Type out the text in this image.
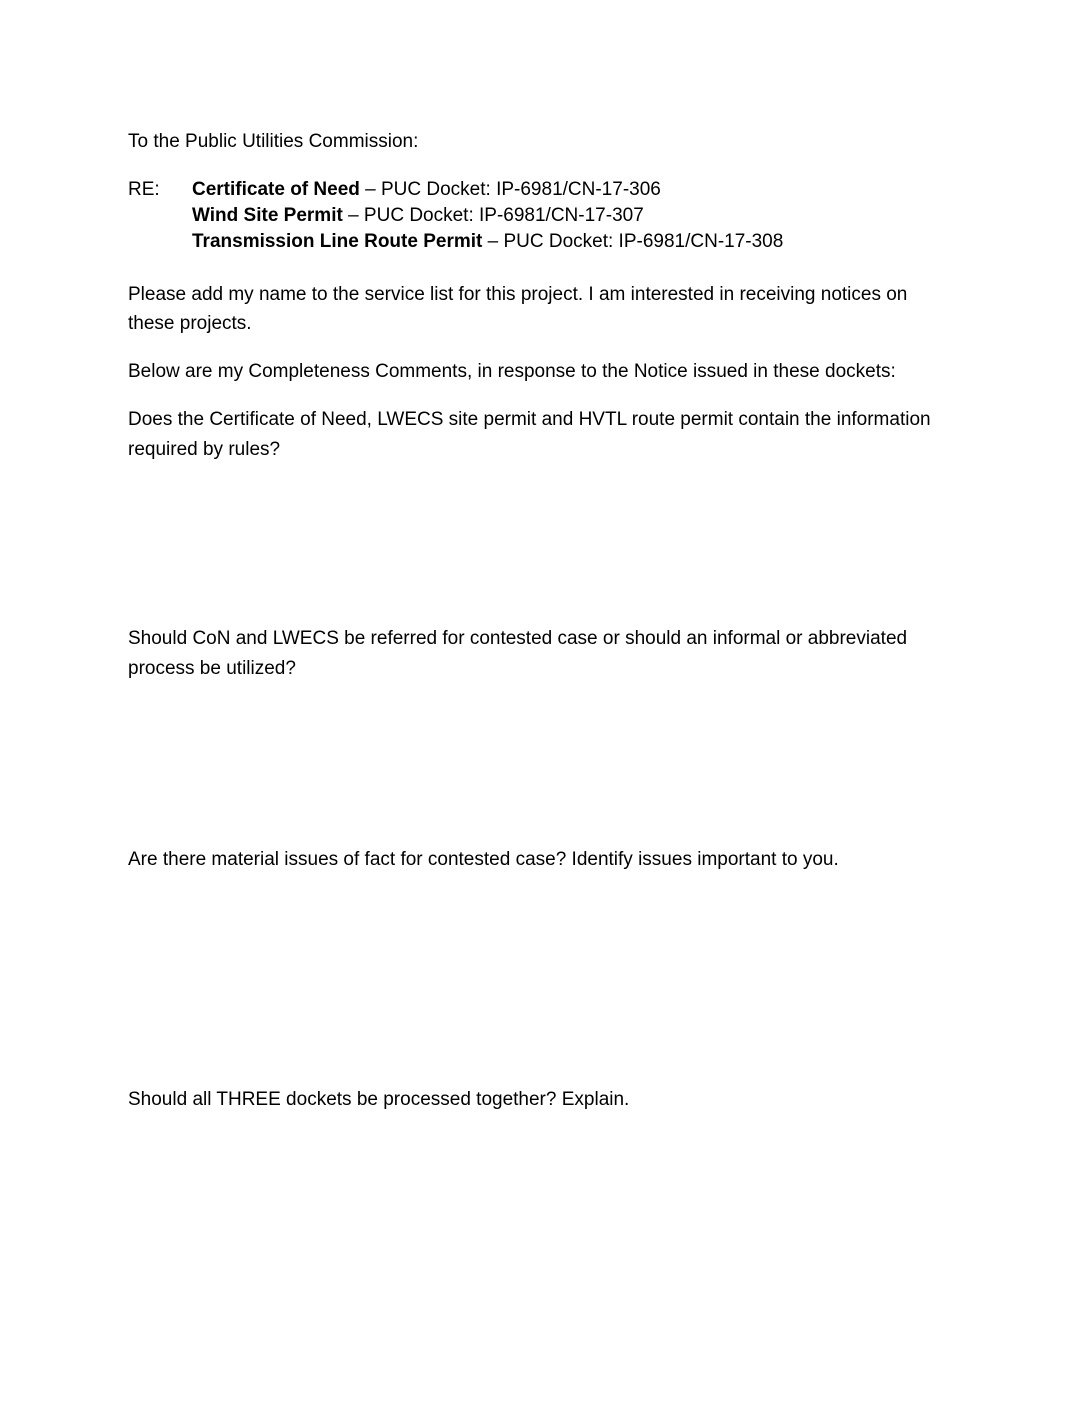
To the Public Utilities Commission:
RE: Certificate of Need – PUC Docket: IP-6981/CN-17-306
Wind Site Permit – PUC Docket: IP-6981/CN-17-307
Transmission Line Route Permit – PUC Docket: IP-6981/CN-17-308
Please add my name to the service list for this project. I am interested in receiving notices on
these projects.
Below are my Completeness Comments, in response to the Notice issued in these dockets:
Does the Certificate of Need, LWECS site permit and HVTL route permit contain the information
required by rules?
Should CoN and LWECS be referred for contested case or should an informal or abbreviated
process be utilized?
Are there material issues of fact for contested case? Identify issues important to you.
Should all THREE dockets be processed together? Explain.
